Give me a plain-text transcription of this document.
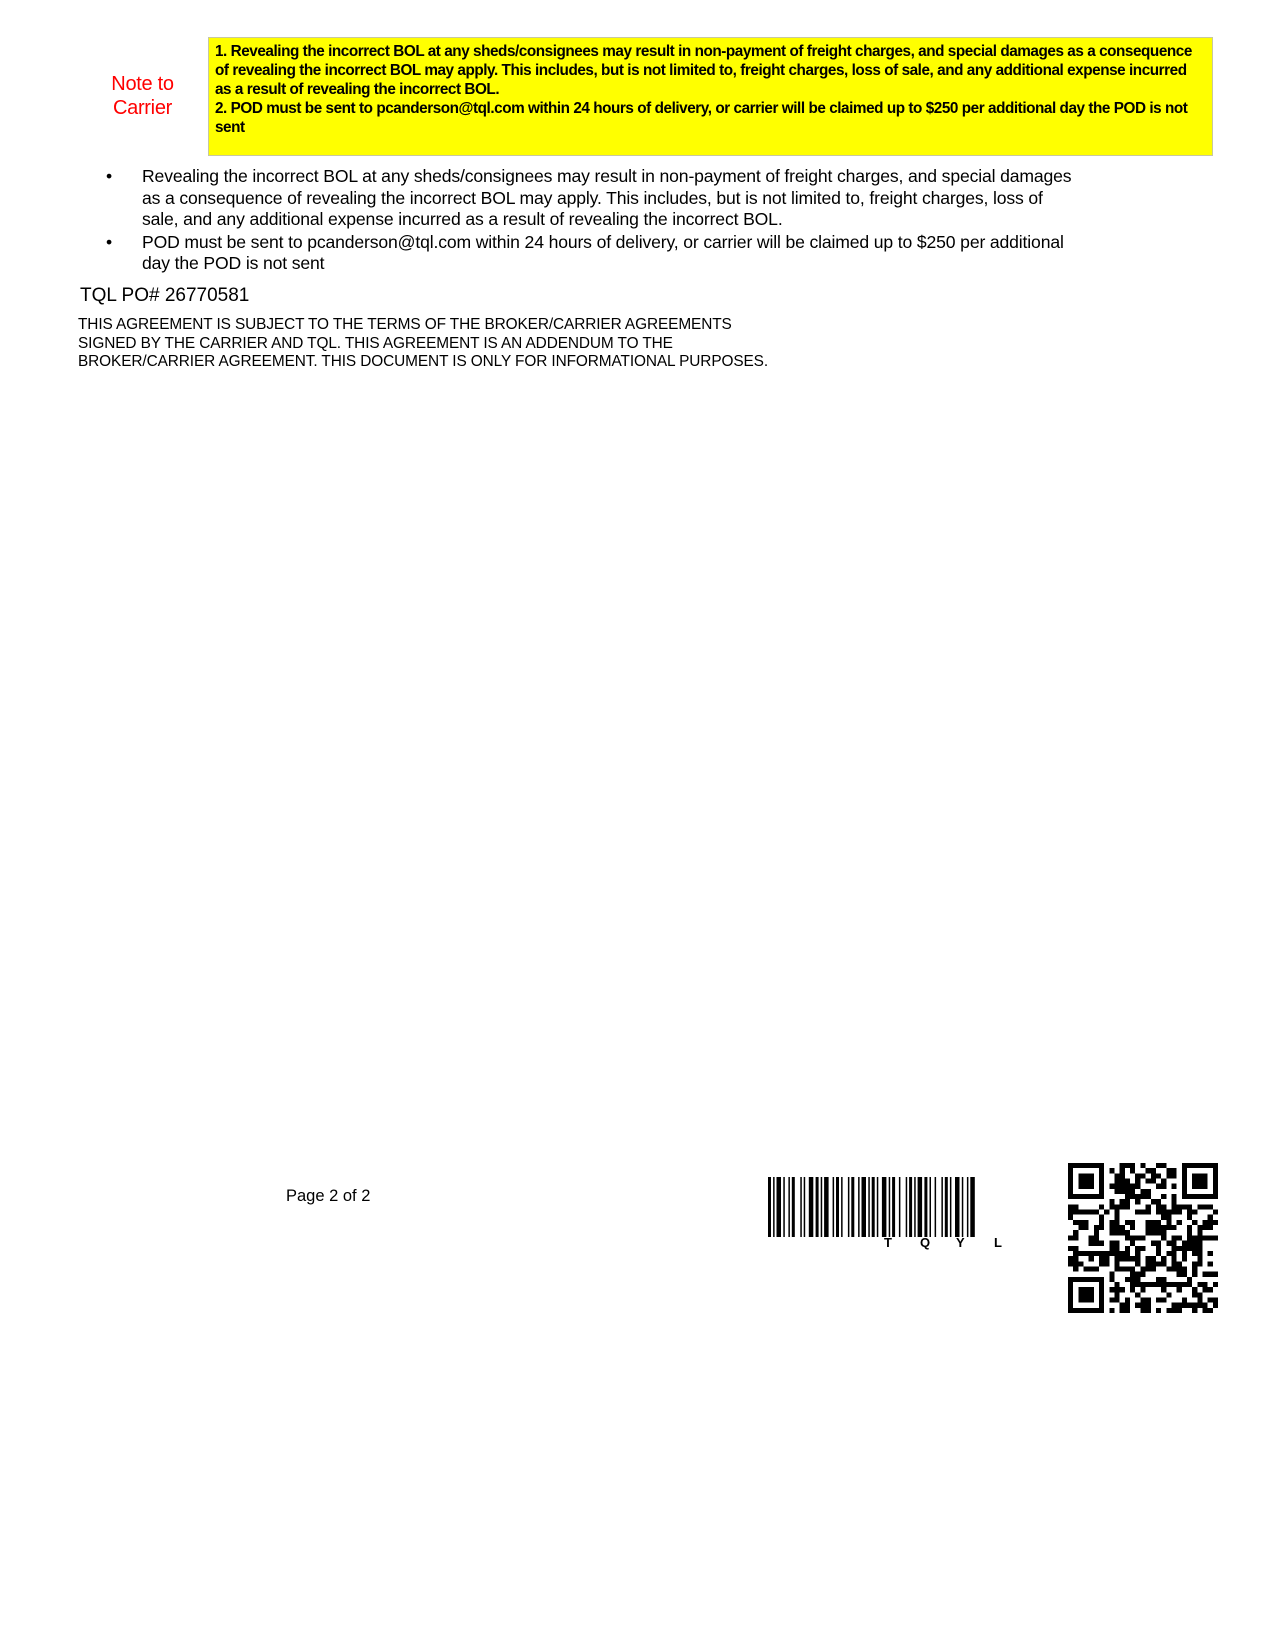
Note to
Carrier

1. Revealing the incorrect BOL at any sheds/consignees may result in non-payment of freight charges, and special damages as a consequence of revealing the incorrect BOL may apply. This includes, but is not limited to, freight charges, loss of sale, and any additional expense incurred as a result of revealing the incorrect BOL.

2. POD must be sent to pcanderson@tql.com within 24 hours of delivery, or carrier will be claimed up to $250 per additional day the POD is not sent

• Revealing the incorrect BOL at any sheds/consignees may result in non-payment of freight charges, and special damages as a consequence of revealing the incorrect BOL may apply. This includes, but is not limited to, freight charges, loss of sale, and any additional expense incurred as a result of revealing the incorrect BOL.
• POD must be sent to pcanderson@tql.com within 24 hours of delivery, or carrier will be claimed up to $250 per additional day the POD is not sent
TQL PO# 26770581
THIS AGREEMENT IS SUBJECT TO THE TERMS OF THE BROKER/CARRIER AGREEMENTS SIGNED BY THE CARRIER AND TQL. THIS AGREEMENT IS AN ADDENDUM TO THE BROKER/CARRIER AGREEMENT. THIS DOCUMENT IS ONLY FOR INFORMATIONAL PURPOSES.
Page 2 of 2
T Q Y L
